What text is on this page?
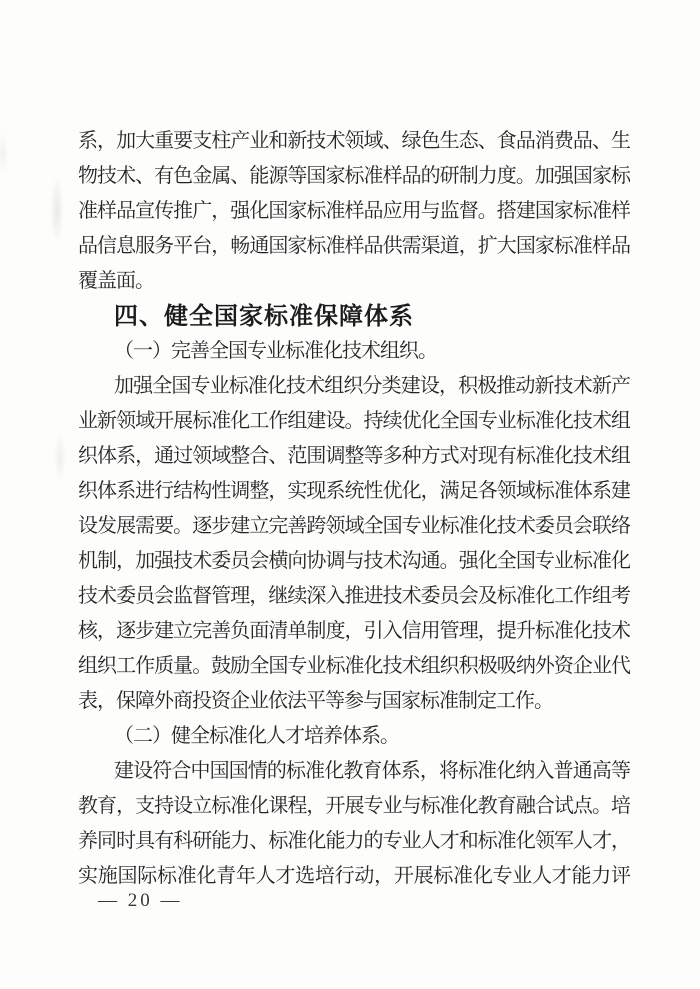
系，加大重要支柱产业和新技术领域、绿色生态、食品消费品、生
物技术、有色金属、能源等国家标准样品的研制力度。加强国家标
准样品宣传推广，强化国家标准样品应用与监督。搭建国家标准样
品信息服务平台，畅通国家标准样品供需渠道，扩大国家标准样品
覆盖面。
四、健全国家标准保障体系
（一）完善全国专业标准化技术组织。
加强全国专业标准化技术组织分类建设，积极推动新技术新产
业新领域开展标准化工作组建设。持续优化全国专业标准化技术组
织体系，通过领域整合、范围调整等多种方式对现有标准化技术组
织体系进行结构性调整，实现系统性优化，满足各领域标准体系建
设发展需要。逐步建立完善跨领域全国专业标准化技术委员会联络
机制，加强技术委员会横向协调与技术沟通。强化全国专业标准化
技术委员会监督管理，继续深入推进技术委员会及标准化工作组考
核，逐步建立完善负面清单制度，引入信用管理，提升标准化技术
组织工作质量。鼓励全国专业标准化技术组织积极吸纳外资企业代
表，保障外商投资企业依法平等参与国家标准制定工作。
（二）健全标准化人才培养体系。
建设符合中国国情的标准化教育体系，将标准化纳入普通高等
教育，支持设立标准化课程，开展专业与标准化教育融合试点。培
养同时具有科研能力、标准化能力的专业人才和标准化领军人才，
实施国际标准化青年人才选培行动，开展标准化专业人才能力评
— 20 —
